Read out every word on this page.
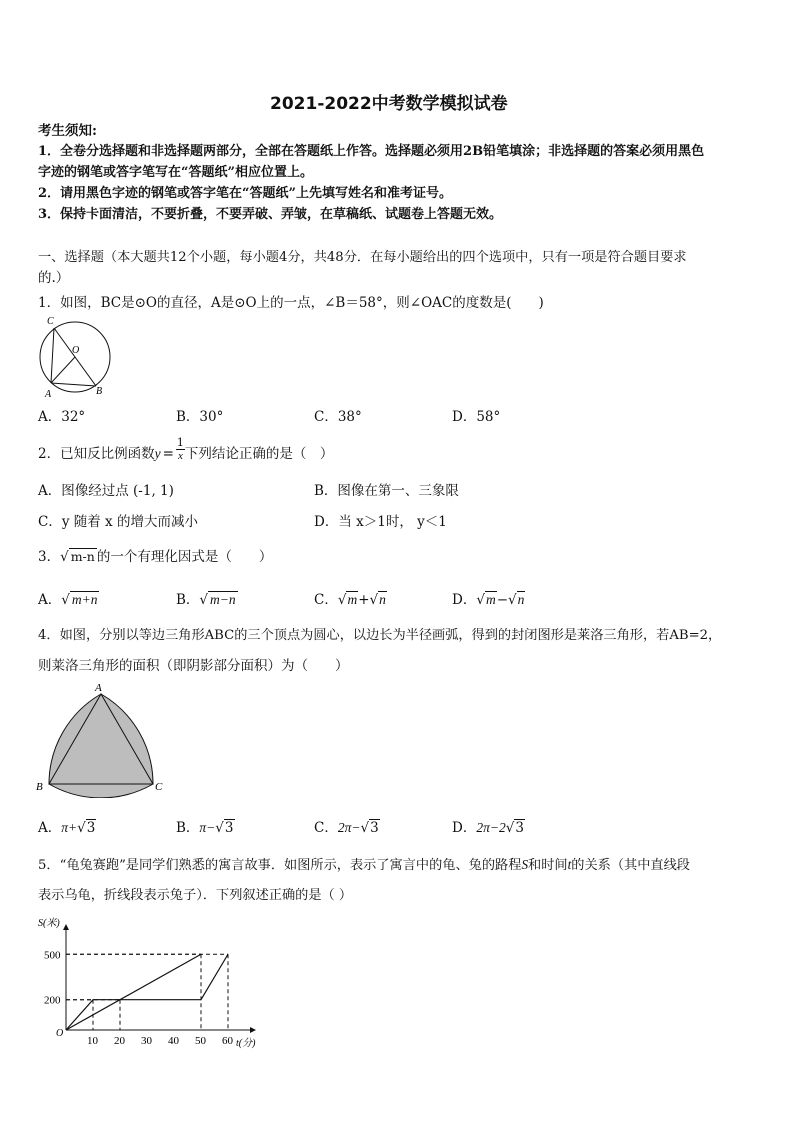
2021-2022中考数学模拟试卷
考生须知:
1．全卷分选择题和非选择题两部分，全部在答题纸上作答。选择题必须用2B铅笔填涂；非选择题的答案必须用黑色
字迹的钢笔或答字笔写在“答题纸”相应位置上。
2．请用黑色字迹的钢笔或答字笔在“答题纸”上先填写姓名和准考证号。
3．保持卡面清洁，不要折叠，不要弄破、弄皱，在草稿纸、试题卷上答题无效。
一、选择题（本大题共12个小题，每小题4分，共48分．在每小题给出的四个选项中，只有一项是符合题目要求
的.）
1．如图，BC是⊙O的直径，A是⊙O上的一点，∠B＝58°，则∠OAC的度数是(　　)
C
O
A	B
A．32°	B．30°	C．38°	D．58°
2．已知反比例函数$y = \frac{1}{x}$ 下列结论正确的是（　）
A．图像经过点 (-1, 1)	B．图像在第一、三象限
C．y 随着 x 的增大而减小	D．当 x＞1时， y＜1
3．√ m-n 的一个有理化因式是（　　）
A．√ m+n	B．√ m−n	C．√m+√n	D．√m−√n
4．如图，分别以等边三角形ABC的三个顶点为圆心，以边长为半径画弧，得到的封闭图形是莱洛三角形，若AB=2，
则莱洛三角形的面积（即阴影部分面积）为（　　）
A
B	C
A．π+√3	B．π−√3	C．2π−√3	D．2π−2√3
5．“龟兔赛跑”是同学们熟悉的寓言故事．如图所示，表示了寓言中的龟、兔的路程S和时间t的关系（其中直线段
表示乌龟，折线段表示兔子）．下列叙述正确的是（ ）
S(米)
t(分)
O
10 20 30 40 50 60
200
500
